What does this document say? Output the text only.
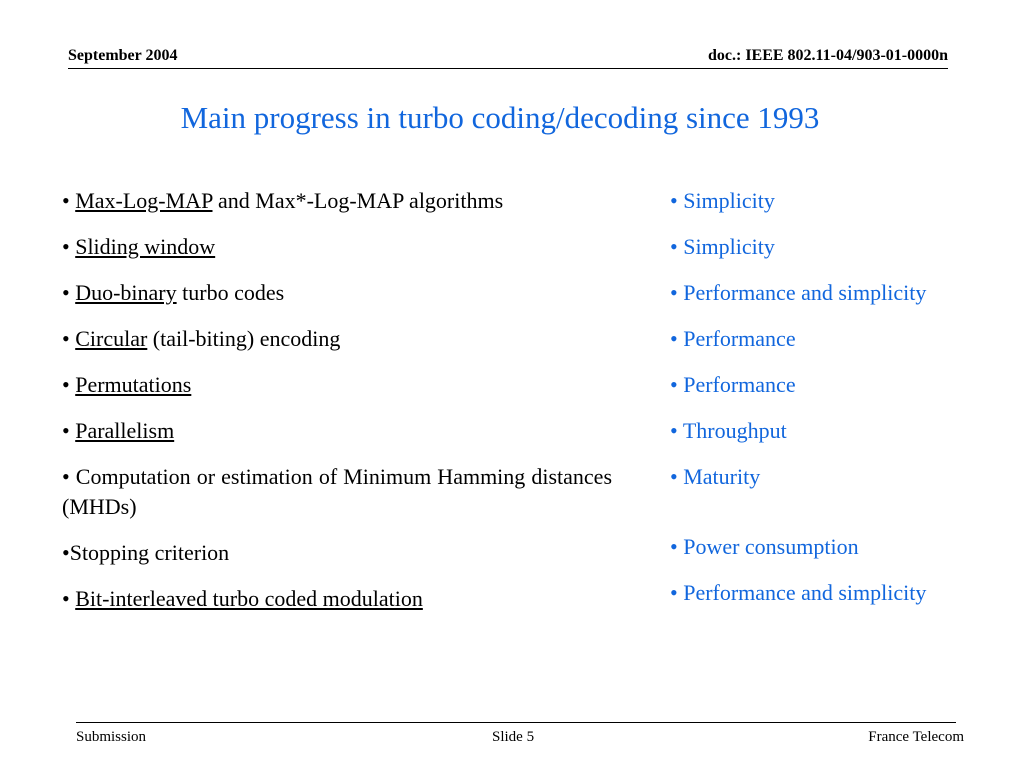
September 2004	doc.: IEEE 802.11-04/903-01-0000n
Main progress in turbo coding/decoding since 1993
• Max-Log-MAP and Max*-Log-MAP algorithms
• Sliding window
• Duo-binary turbo codes
• Circular (tail-biting) encoding
• Permutations
• Parallelism
• Computation or estimation of Minimum Hamming distances (MHDs)
•Stopping criterion
• Bit-interleaved turbo coded modulation
• Simplicity
• Simplicity
• Performance and simplicity
• Performance
• Performance
• Throughput
• Maturity
• Power consumption
• Performance and simplicity
Submission	Slide 5	France Telecom
